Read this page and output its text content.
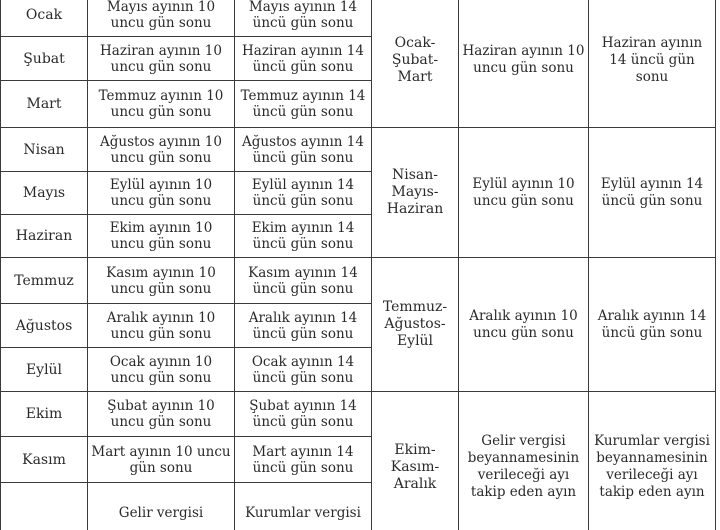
Ocak	Mayıs ayının 10 uncu gün sonu	Mayıs ayının 14 üncü gün sonu	Ocak-Şubat-Mart	Haziran ayının 10 uncu gün sonu	Haziran ayının 14 üncü gün sonu
Şubat	Haziran ayının 10 uncu gün sonu	Haziran ayının 14 üncü gün sonu			
Mart	Temmuz ayının 10 uncu gün sonu	Temmuz ayının 14 üncü gün sonu			
Nisan	Ağustos ayının 10 uncu gün sonu	Ağustos ayının 14 üncü gün sonu	Nisan-Mayıs-Haziran	Eylül ayının 10 uncu gün sonu	Eylül ayının 14 üncü gün sonu
Mayıs	Eylül ayının 10 uncu gün sonu	Eylül ayının 14 üncü gün sonu			
Haziran	Ekim ayının 10 uncu gün sonu	Ekim ayının 14 üncü gün sonu			
Temmuz	Kasım ayının 10 uncu gün sonu	Kasım ayının 14 üncü gün sonu	Temmuz-Ağustos-Eylül	Aralık ayının 10 uncu gün sonu	Aralık ayının 14 üncü gün sonu
Ağustos	Aralık ayının 10 uncu gün sonu	Aralık ayının 14 üncü gün sonu			
Eylül	Ocak ayının 10 uncu gün sonu	Ocak ayının 14 üncü gün sonu			
Ekim	Şubat ayının 10 uncu gün sonu	Şubat ayının 14 üncü gün sonu	Ekim-Kasım-Aralık	Gelir vergisi beyannamesinin verileceği ayı takip eden ayın	Kurumlar vergisi beyannamesinin verileceği ayı takip eden ayın
Kasım	Mart ayının 10 uncu gün sonu	Mart ayının 14 üncü gün sonu			
	Gelir vergisi	Kurumlar vergisi			
